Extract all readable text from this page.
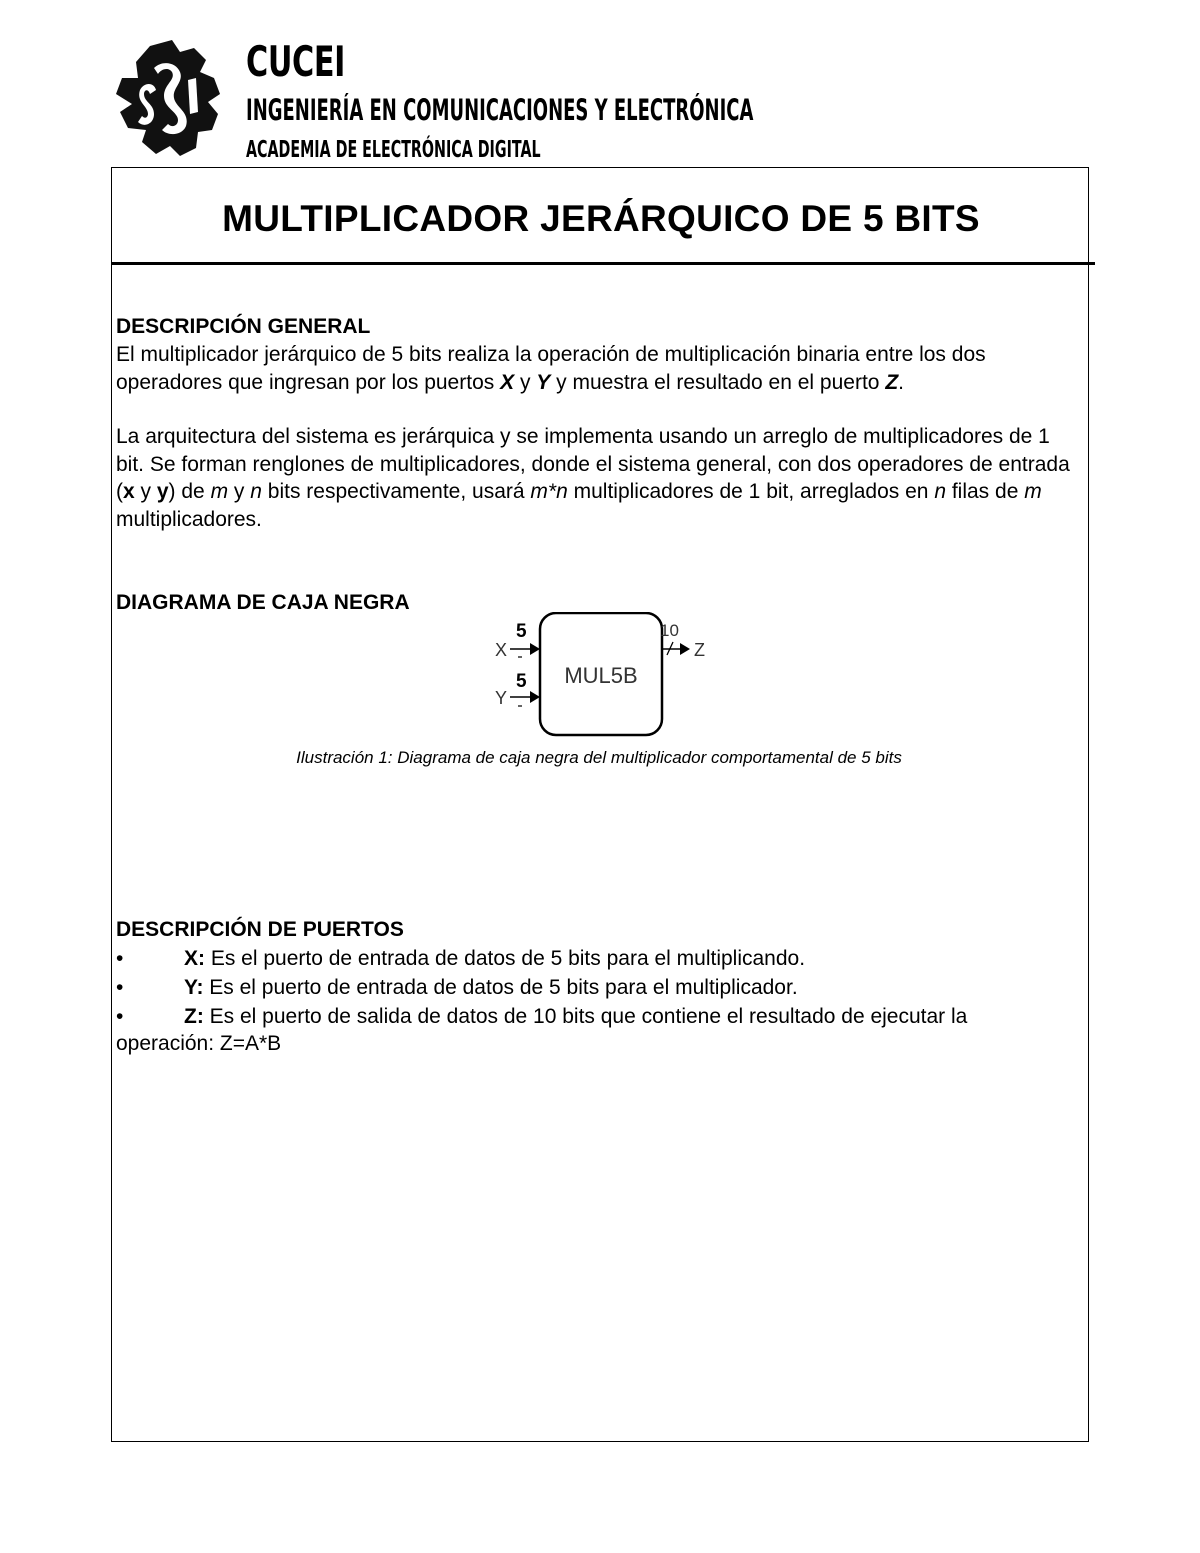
CUCEI
INGENIERÍA EN COMUNICACIONES Y ELECTRÓNICA
ACADEMIA DE ELECTRÓNICA DIGITAL
MULTIPLICADOR JERÁRQUICO DE 5 BITS
DESCRIPCIÓN GENERAL

El multiplicador jerárquico de 5 bits realiza la operación de multiplicación binaria entre los dos operadores que ingresan por los puertos X y Y y muestra el resultado en el puerto Z.

La arquitectura del sistema es jerárquica y se implementa usando un arreglo de multiplicadores de 1 bit. Se forman renglones de multiplicadores, donde el sistema general, con dos operadores de entrada (x y y) de m y n bits respectivamente, usará m*n multiplicadores de 1 bit, arreglados en n filas de m multiplicadores.

DIAGRAMA DE CAJA NEGRA
MUL5B
X
5
Y
5
10
Z
Ilustración 1: Diagrama de caja negra del multiplicador comportamental de 5 bits
DESCRIPCIÓN DE PUERTOS
•	X: Es el puerto de entrada de datos de 5 bits para el multiplicando.
•	Y: Es el puerto de entrada de datos de 5 bits para el multiplicador.
•	Z: Es el puerto de salida de datos de 10 bits que contiene el resultado de ejecutar la
operación: Z=A*B
